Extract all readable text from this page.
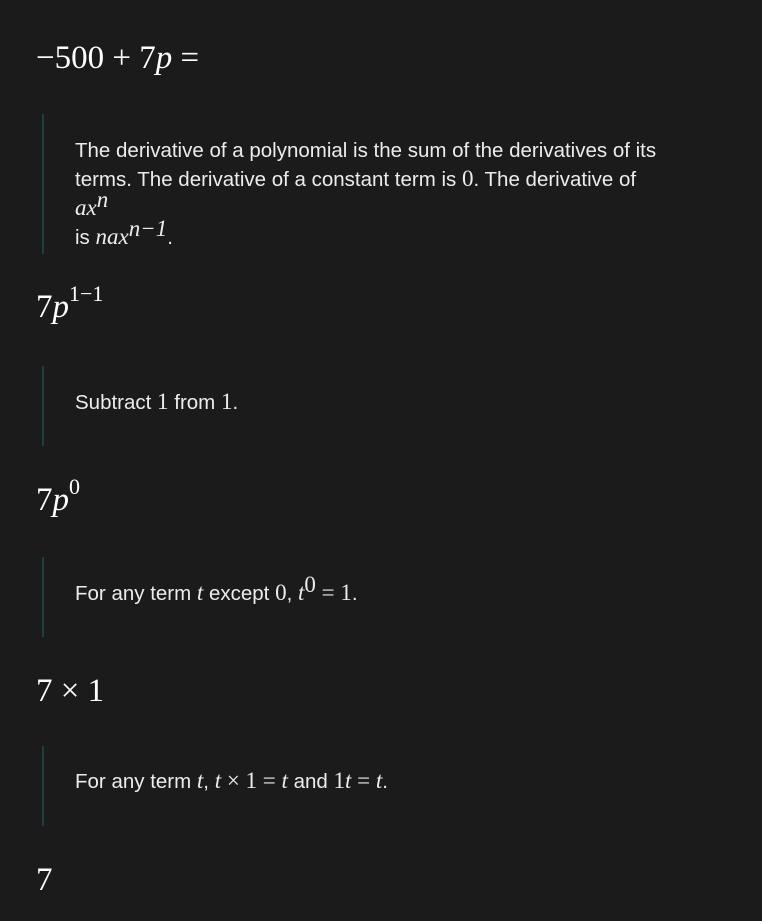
−500 + 7p =
The derivative of a polynomial is the sum of the derivatives of its
terms. The derivative of a constant term is 0. The derivative of $ax^n$
is nax$^{n-1}$.
$7p^{1-1}$
Subtract 1 from 1.
$7p^0$
For any term t except 0, $t^0 = 1$.
7 × 1
For any term t, t × 1 = t and 1t = t.
7
